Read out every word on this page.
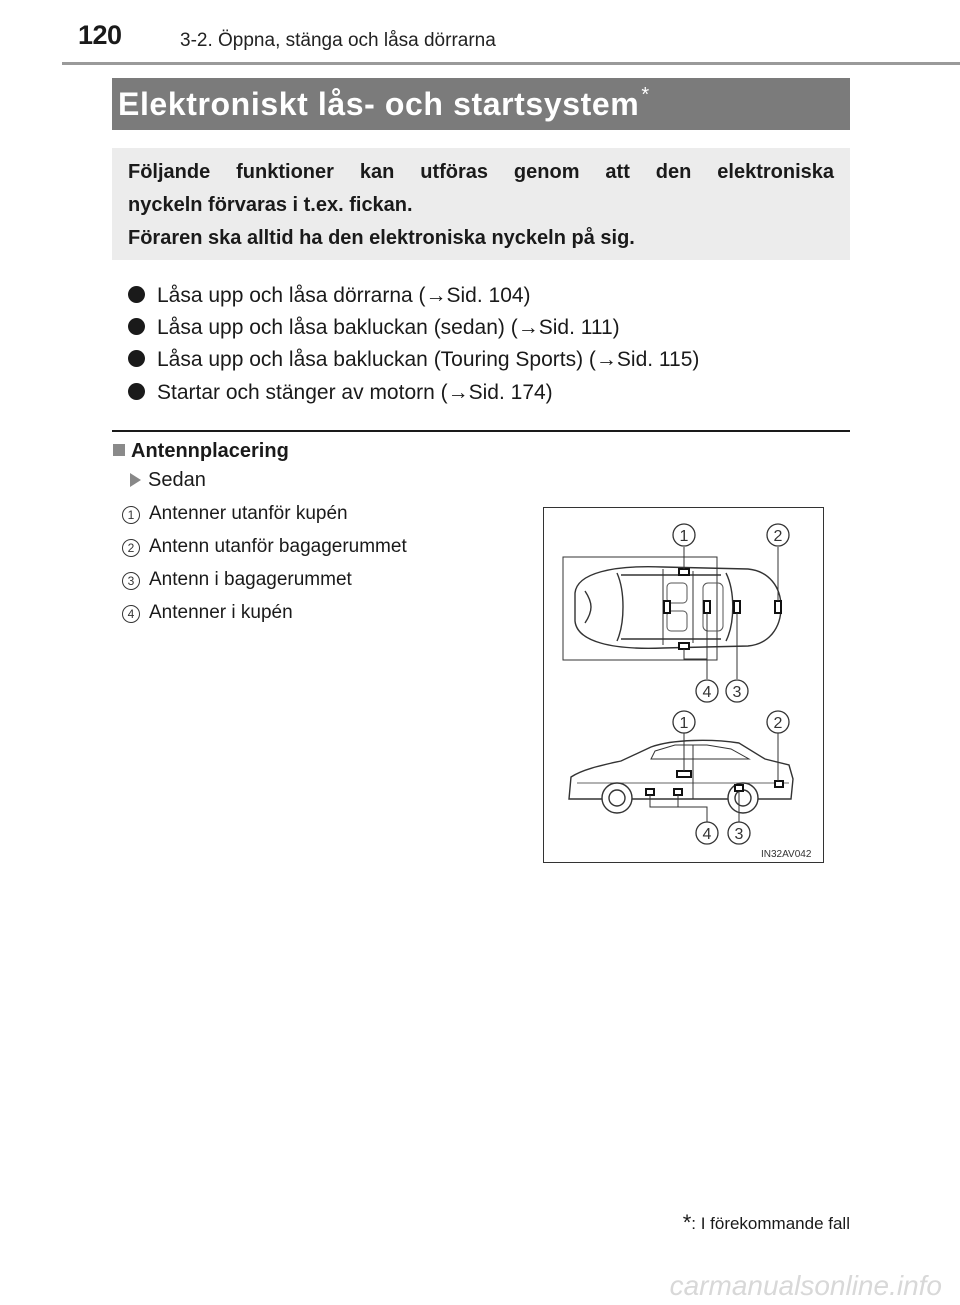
120	3-2. Öppna, stänga och låsa dörrarna
Elektroniskt lås- och startsystem *

Följande funktioner kan utföras genom att den elektroniska

nyckeln förvaras i t.ex. fickan.

Föraren ska alltid ha den elektroniska nyckeln på sig.

Låsa upp och låsa dörrarna (→Sid. 104)
Låsa upp och låsa bakluckan (sedan) (→Sid. 111)
Låsa upp och låsa bakluckan (Touring Sports) (→Sid. 115)
Startar och stänger av motorn (→Sid. 174)
Antennplacering
Sedan
1 Antenner utanför kupén
2 Antenn utanför bagagerummet
3 Antenn i bagagerummet
4 Antenner i kupén
1	2
4 3
1	2
4 3
IN32AV042
*: I förekommande fall
carmanualsonline.info
